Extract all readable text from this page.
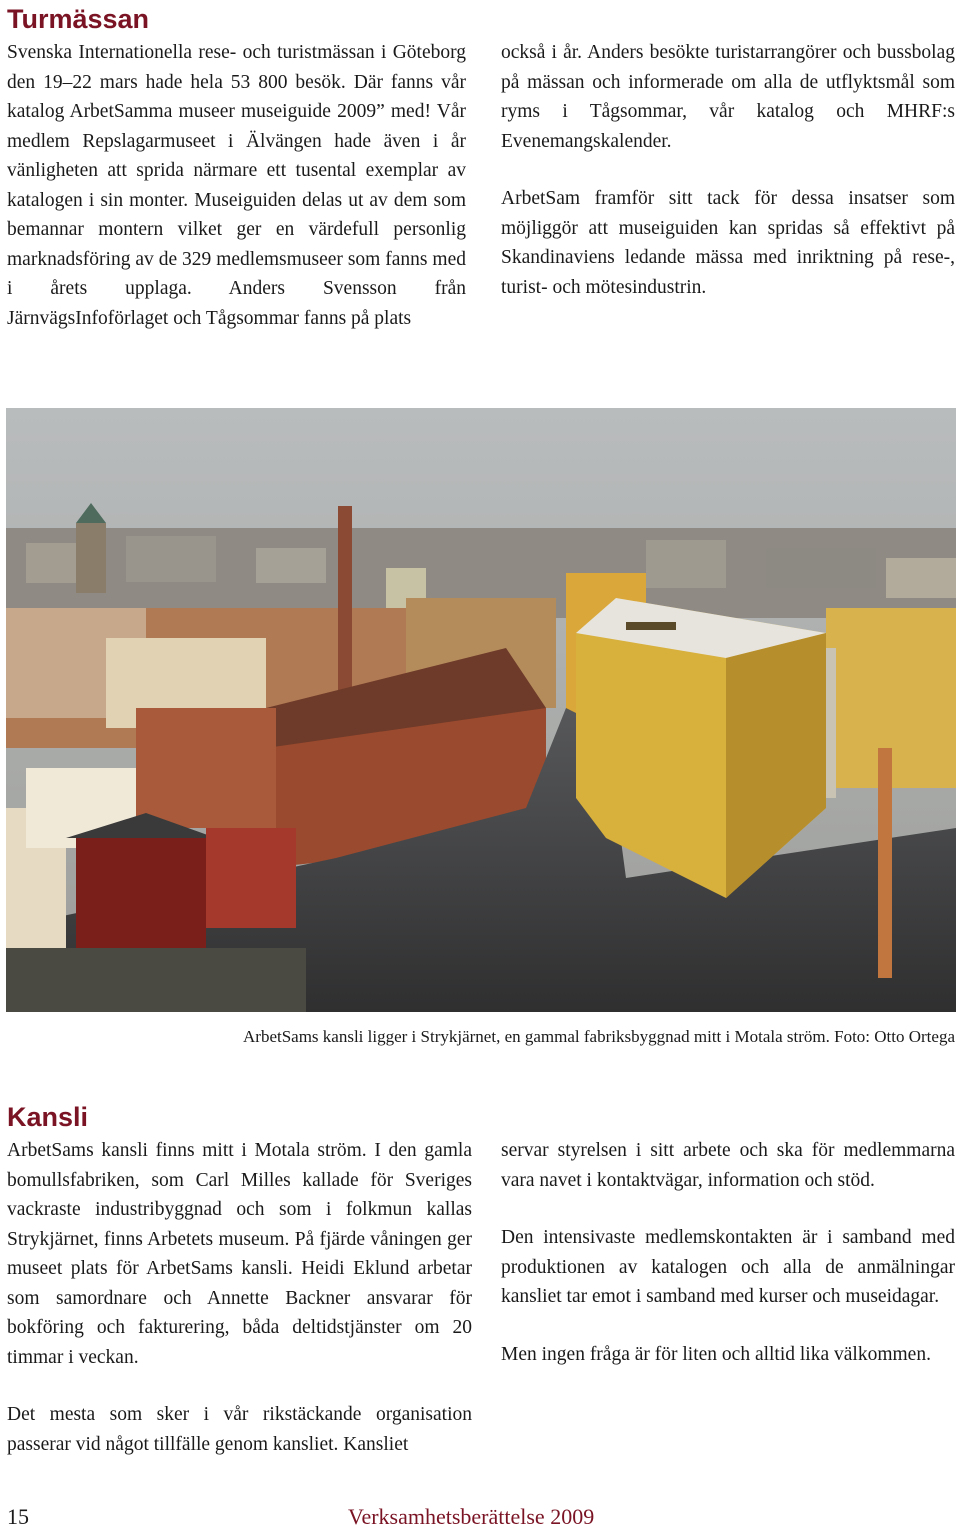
Turmässan

Svenska Internationella rese- och turistmässan i Göteborg den 19–22 mars hade hela 53 800 besök. Där fanns vår katalog ArbetSamma museer museiguide 2009” med! Vår medlem Repslagarmuseet i Älvängen hade även i år vänligheten att sprida närmare ett tusental exemplar av katalogen i sin monter. Museiguiden delas ut av dem som bemannar montern vilket ger en värdefull personlig marknadsföring av de 329 medlemsmuseer som fanns med i årets upplaga. Anders Svensson från JärnvägsInfoförlaget och Tågsommar fanns på plats

också i år. Anders besökte turistarrangörer och bussbolag på mässan och informerade om alla de utflyktsmål som ryms i Tågsommar, vår katalog och MHRF:s Evenemangskalender.

ArbetSam framför sitt tack för dessa insatser som möjliggör att museiguiden kan spridas så effektivt på Skandinaviens ledande mässa med inriktning på rese-, turist- och mötesindustrin.

ArbetSams kansli ligger i Strykjärnet, en gammal fabriksbyggnad mitt i Motala ström. Foto: Otto Ortega

Kansli

ArbetSams kansli finns mitt i Motala ström. I den gamla bomullsfabriken, som Carl Milles kallade för Sveriges vackraste industribyggnad och som i folkmun kallas Strykjärnet, finns Arbetets museum. På fjärde våningen ger museet plats för ArbetSams kansli. Heidi Eklund arbetar som samordnare och Annette Backner ansvarar för bokföring och fakturering, båda deltidstjänster om 20 timmar i veckan.

Det mesta som sker i vår rikstäckande organisation passerar vid något tillfälle genom kansliet. Kansliet

servar styrelsen i sitt arbete och ska för medlemmarna vara navet i kontaktvägar, information och stöd.

Den intensivaste medlemskontakten är i samband med produktionen av katalogen och alla de anmälningar kansliet tar emot i samband med kurser och museidagar.

Men ingen fråga är för liten och alltid lika välkommen.

15	Verksamhetsberättelse 2009
